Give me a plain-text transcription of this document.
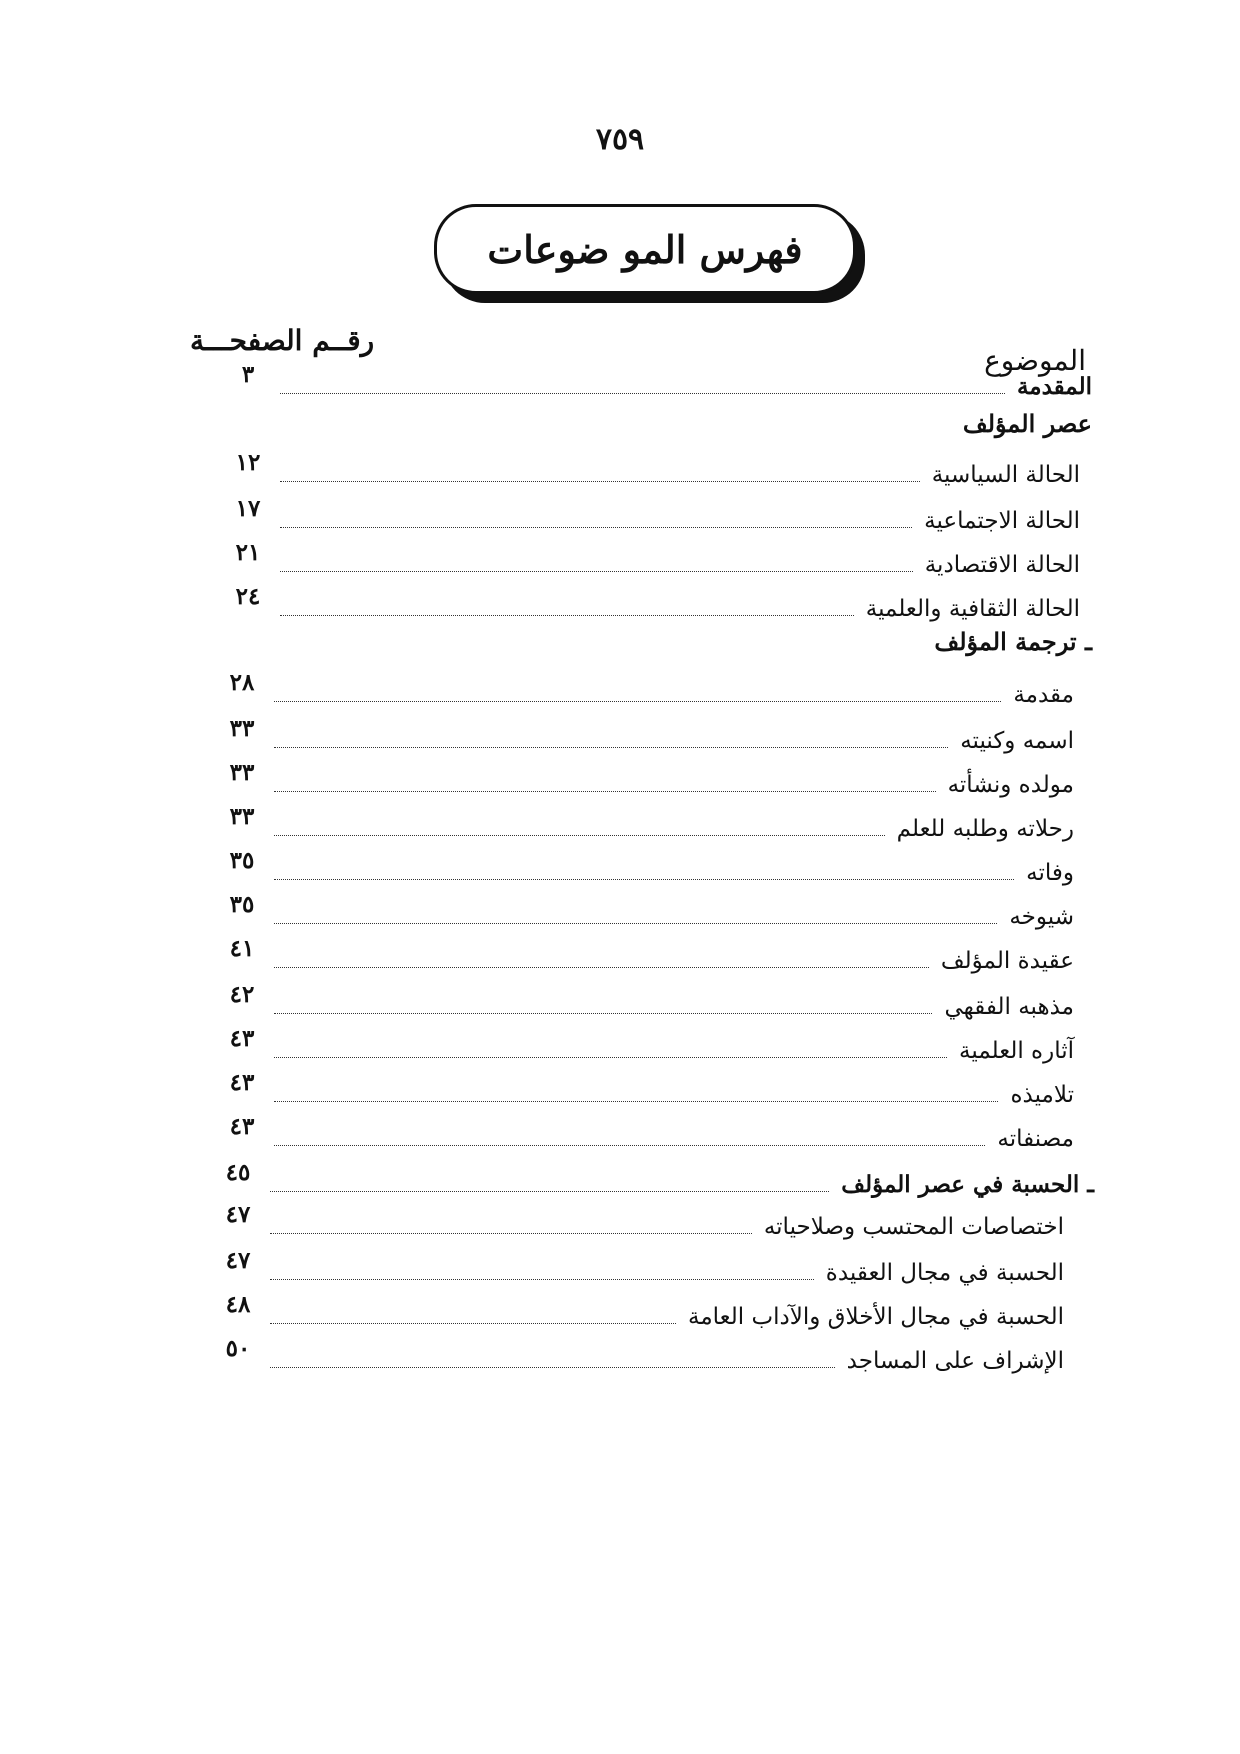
٧٥٩
فهرس المو ضوعات
الموضوع
رقــم الصفحـــة
المقدمة
٣
عصر المؤلف
الحالة السياسية
١٢
الحالة الاجتماعية
١٧
الحالة الاقتصادية
٢١
الحالة الثقافية والعلمية
٢٤
ـ ترجمة المؤلف
مقدمة
٢٨
اسمه وكنيته
٣٣
مولده ونشأته
٣٣
رحلاته وطلبه للعلم
٣٣
وفاته
٣٥
شيوخه
٣٥
عقيدة المؤلف
٤١
مذهبه الفقهي
٤٢
آثاره العلمية
٤٣
تلاميذه
٤٣
مصنفاته
٤٣
ـ الحسبة في عصر المؤلف
٤٥
اختصاصات المحتسب وصلاحياته
٤٧
الحسبة في مجال العقيدة
٤٧
الحسبة في مجال الأخلاق والآداب العامة
٤٨
الإشراف على المساجد
٥٠
